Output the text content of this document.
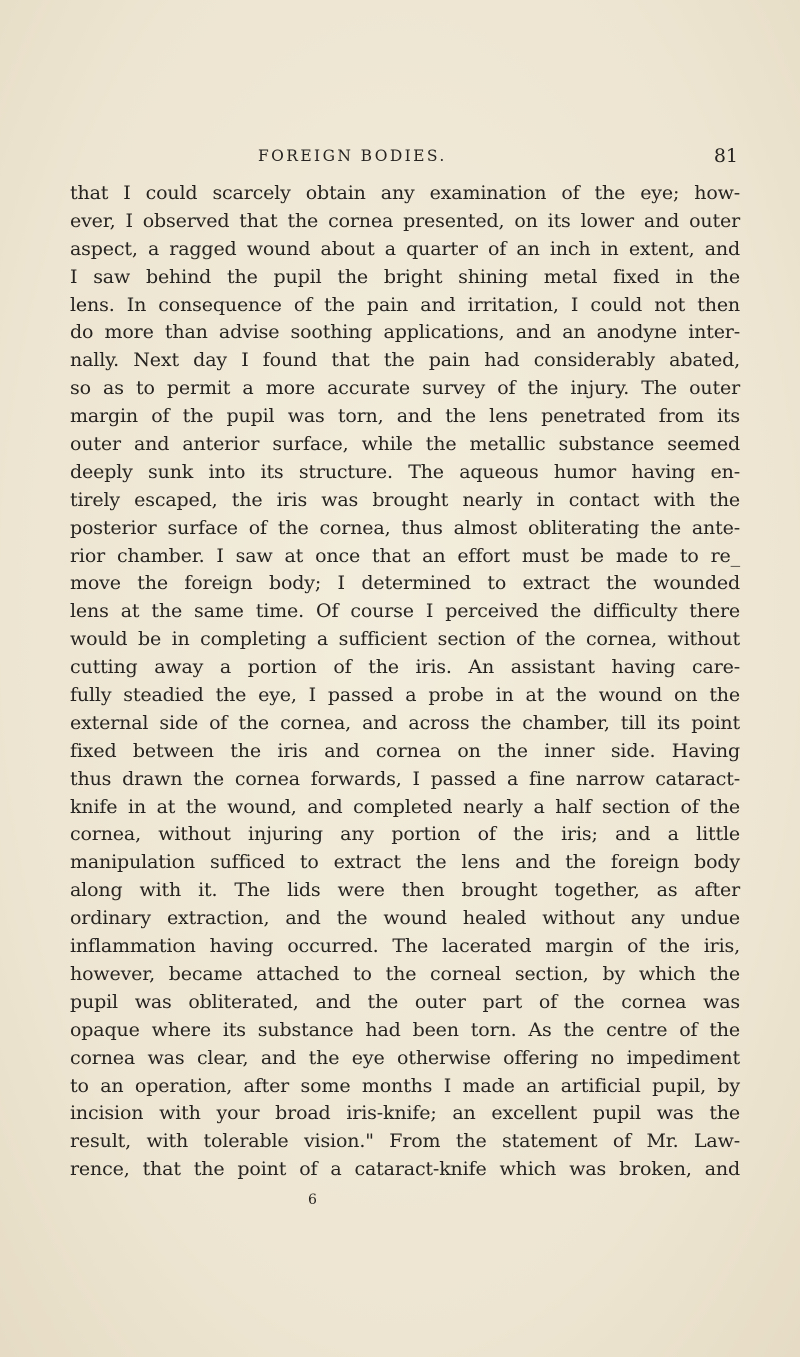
FOREIGN BODIES.	81
that I could scarcely obtain any examination of the eye; how-
ever, I observed that the cornea presented, on its lower and outer
aspect, a ragged wound about a quarter of an inch in extent, and
I saw behind the pupil the bright shining metal fixed in the
lens. In consequence of the pain and irritation, I could not then
do more than advise soothing applications, and an anodyne inter-
nally. Next day I found that the pain had considerably abated,
so as to permit a more accurate survey of the injury. The outer
margin of the pupil was torn, and the lens penetrated from its
outer and anterior surface, while the metallic substance seemed
deeply sunk into its structure. The aqueous humor having en-
tirely escaped, the iris was brought nearly in contact with the
posterior surface of the cornea, thus almost obliterating the ante-
rior chamber. I saw at once that an effort must be made to re_
move the foreign body; I determined to extract the wounded
lens at the same time. Of course I perceived the difficulty there
would be in completing a sufficient section of the cornea, without
cutting away a portion of the iris. An assistant having care-
fully steadied the eye, I passed a probe in at the wound on the
external side of the cornea, and across the chamber, till its point
fixed between the iris and cornea on the inner side. Having
thus drawn the cornea forwards, I passed a fine narrow cataract-
knife in at the wound, and completed nearly a half section of the
cornea, without injuring any portion of the iris; and a little
manipulation sufficed to extract the lens and the foreign body
along with it. The lids were then brought together, as after
ordinary extraction, and the wound healed without any undue
inflammation having occurred. The lacerated margin of the iris,
however, became attached to the corneal section, by which the
pupil was obliterated, and the outer part of the cornea was
opaque where its substance had been torn. As the centre of the
cornea was clear, and the eye otherwise offering no impediment
to an operation, after some months I made an artificial pupil, by
incision with your broad iris-knife; an excellent pupil was the
result, with tolerable vision." From the statement of Mr. Law-
rence, that the point of a cataract-knife which was broken, and
6
